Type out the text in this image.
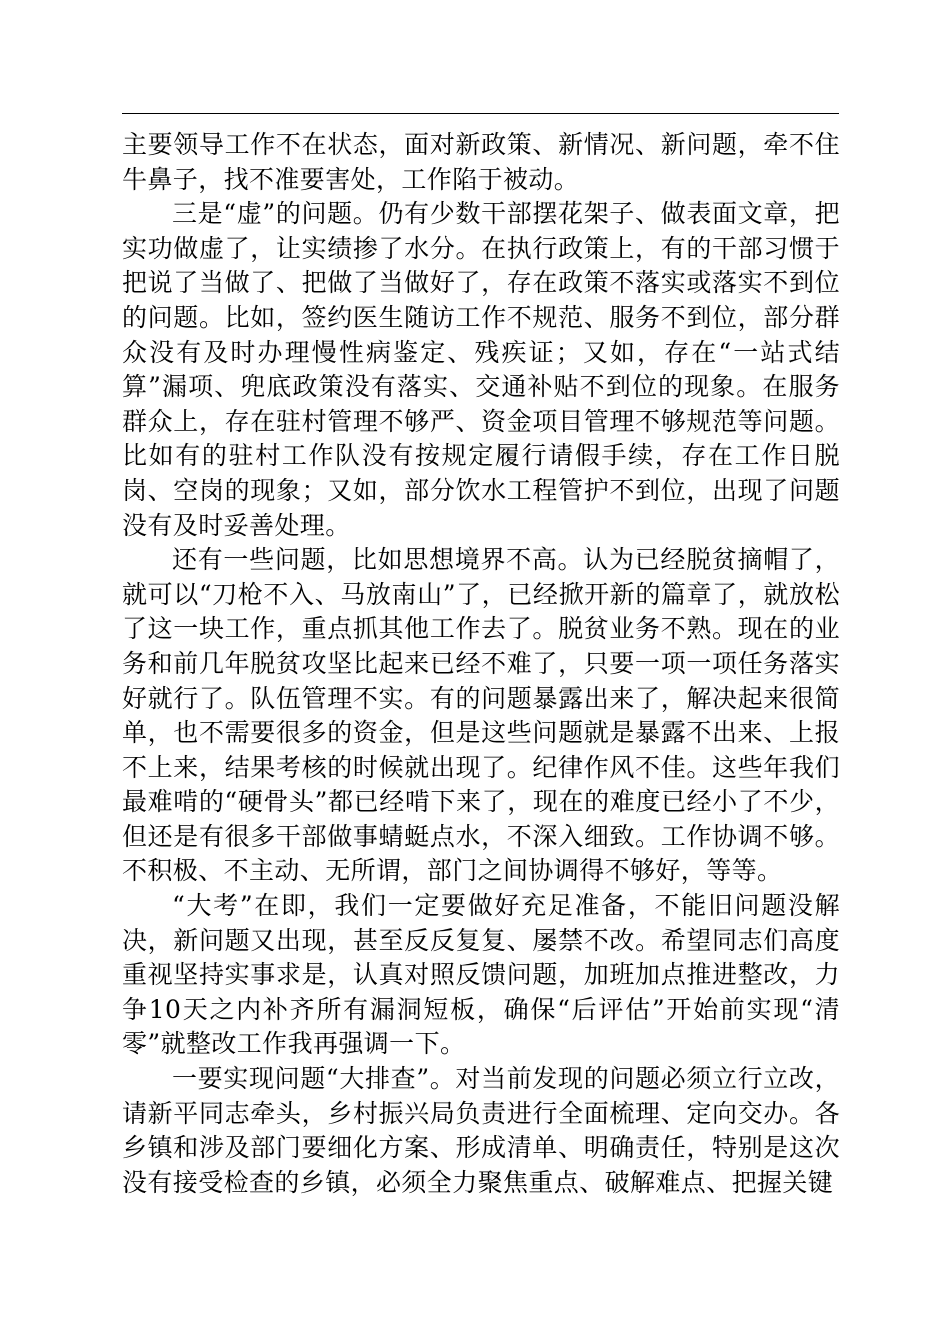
主要领导工作不在状态，面对新政策、新情况、新问题，牵不住牛鼻子，找不准要害处，工作陷于被动。

三是“虚”的问题。仍有少数干部摆花架子、做表面文章，把实功做虚了，让实绩掺了水分。在执行政策上，有的干部习惯于把说了当做了、把做了当做好了，存在政策不落实或落实不到位的问题。比如，签约医生随访工作不规范、服务不到位，部分群众没有及时办理慢性病鉴定、残疾证；又如，存在“一站式结算”漏项、兜底政策没有落实、交通补贴不到位的现象。在服务群众上，存在驻村管理不够严、资金项目管理不够规范等问题。比如有的驻村工作队没有按规定履行请假手续，存在工作日脱岗、空岗的现象；又如，部分饮水工程管护不到位，出现了问题没有及时妥善处理。

还有一些问题，比如思想境界不高。认为已经脱贫摘帽了，就可以“刀枪不入、马放南山”了，已经掀开新的篇章了，就放松了这一块工作，重点抓其他工作去了。脱贫业务不熟。现在的业务和前几年脱贫攻坚比起来已经不难了，只要一项一项任务落实好就行了。队伍管理不实。有的问题暴露出来了，解决起来很简单，也不需要很多的资金，但是这些问题就是暴露不出来、上报不上来，结果考核的时候就出现了。纪律作风不佳。这些年我们最难啃的“硬骨头”都已经啃下来了，现在的难度已经小了不少，但还是有很多干部做事蜻蜓点水，不深入细致。工作协调不够。不积极、不主动、无所谓，部门之间协调得不够好，等等。

“大考”在即，我们一定要做好充足准备，不能旧问题没解决，新问题又出现，甚至反反复复、屡禁不改。希望同志们高度重视坚持实事求是，认真对照反馈问题，加班加点推进整改，力争10天之内补齐所有漏洞短板，确保“后评估”开始前实现“清零”就整改工作我再强调一下。

一要实现问题“大排查”。对当前发现的问题必须立行立改，请新平同志牵头，乡村振兴局负责进行全面梳理、定向交办。各乡镇和涉及部门要细化方案、形成清单、明确责任，特别是这次没有接受检查的乡镇，必须全力聚焦重点、破解难点、把握关键
